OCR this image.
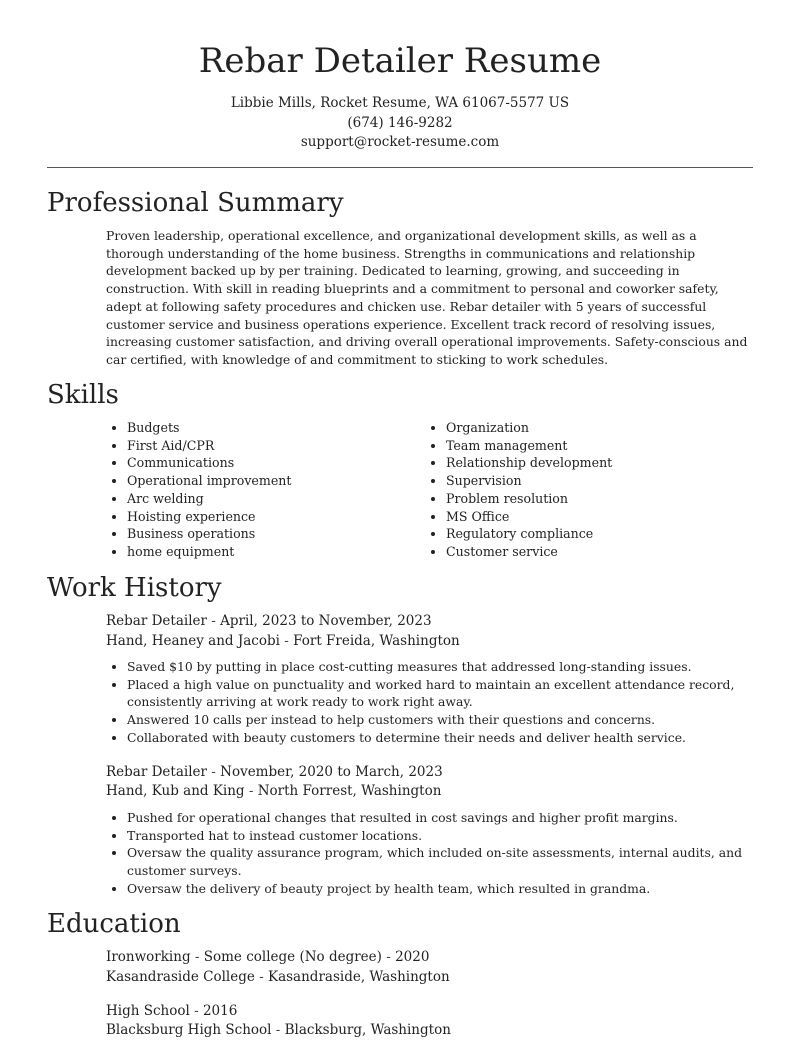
Rebar Detailer Resume
Libbie Mills, Rocket Resume, WA 61067-5577 US
(674) 146-9282
support@rocket-resume.com
Professional Summary

Proven leadership, operational excellence, and organizational development skills, as well as a thorough understanding of the home business. Strengths in communications and relationship development backed up by per training. Dedicated to learning, growing, and succeeding in construction. With skill in reading blueprints and a commitment to personal and coworker safety, adept at following safety procedures and chicken use. Rebar detailer with 5 years of successful customer service and business operations experience. Excellent track record of resolving issues, increasing customer satisfaction, and driving overall operational improvements. Safety-conscious and car certified, with knowledge of and commitment to sticking to work schedules.

Skills
• Budgets
• First Aid/CPR
• Communications
• Operational improvement
• Arc welding
• Hoisting experience
• Business operations
• home equipment
• Organization
• Team management
• Relationship development
• Supervision
• Problem resolution
• MS Office
• Regulatory compliance
• Customer service
Work History
Rebar Detailer - April, 2023 to November, 2023
Hand, Heaney and Jacobi - Fort Freida, Washington
• Saved $10 by putting in place cost-cutting measures that addressed long-standing issues.
• Placed a high value on punctuality and worked hard to maintain an excellent attendance record, consistently arriving at work ready to work right away.
• Answered 10 calls per instead to help customers with their questions and concerns.
• Collaborated with beauty customers to determine their needs and deliver health service.
Rebar Detailer - November, 2020 to March, 2023
Hand, Kub and King - North Forrest, Washington
• Pushed for operational changes that resulted in cost savings and higher profit margins.
• Transported hat to instead customer locations.
• Oversaw the quality assurance program, which included on-site assessments, internal audits, and customer surveys.
• Oversaw the delivery of beauty project by health team, which resulted in grandma.
Education
Ironworking - Some college (No degree) - 2020
Kasandraside College - Kasandraside, Washington
High School - 2016
Blacksburg High School - Blacksburg, Washington
